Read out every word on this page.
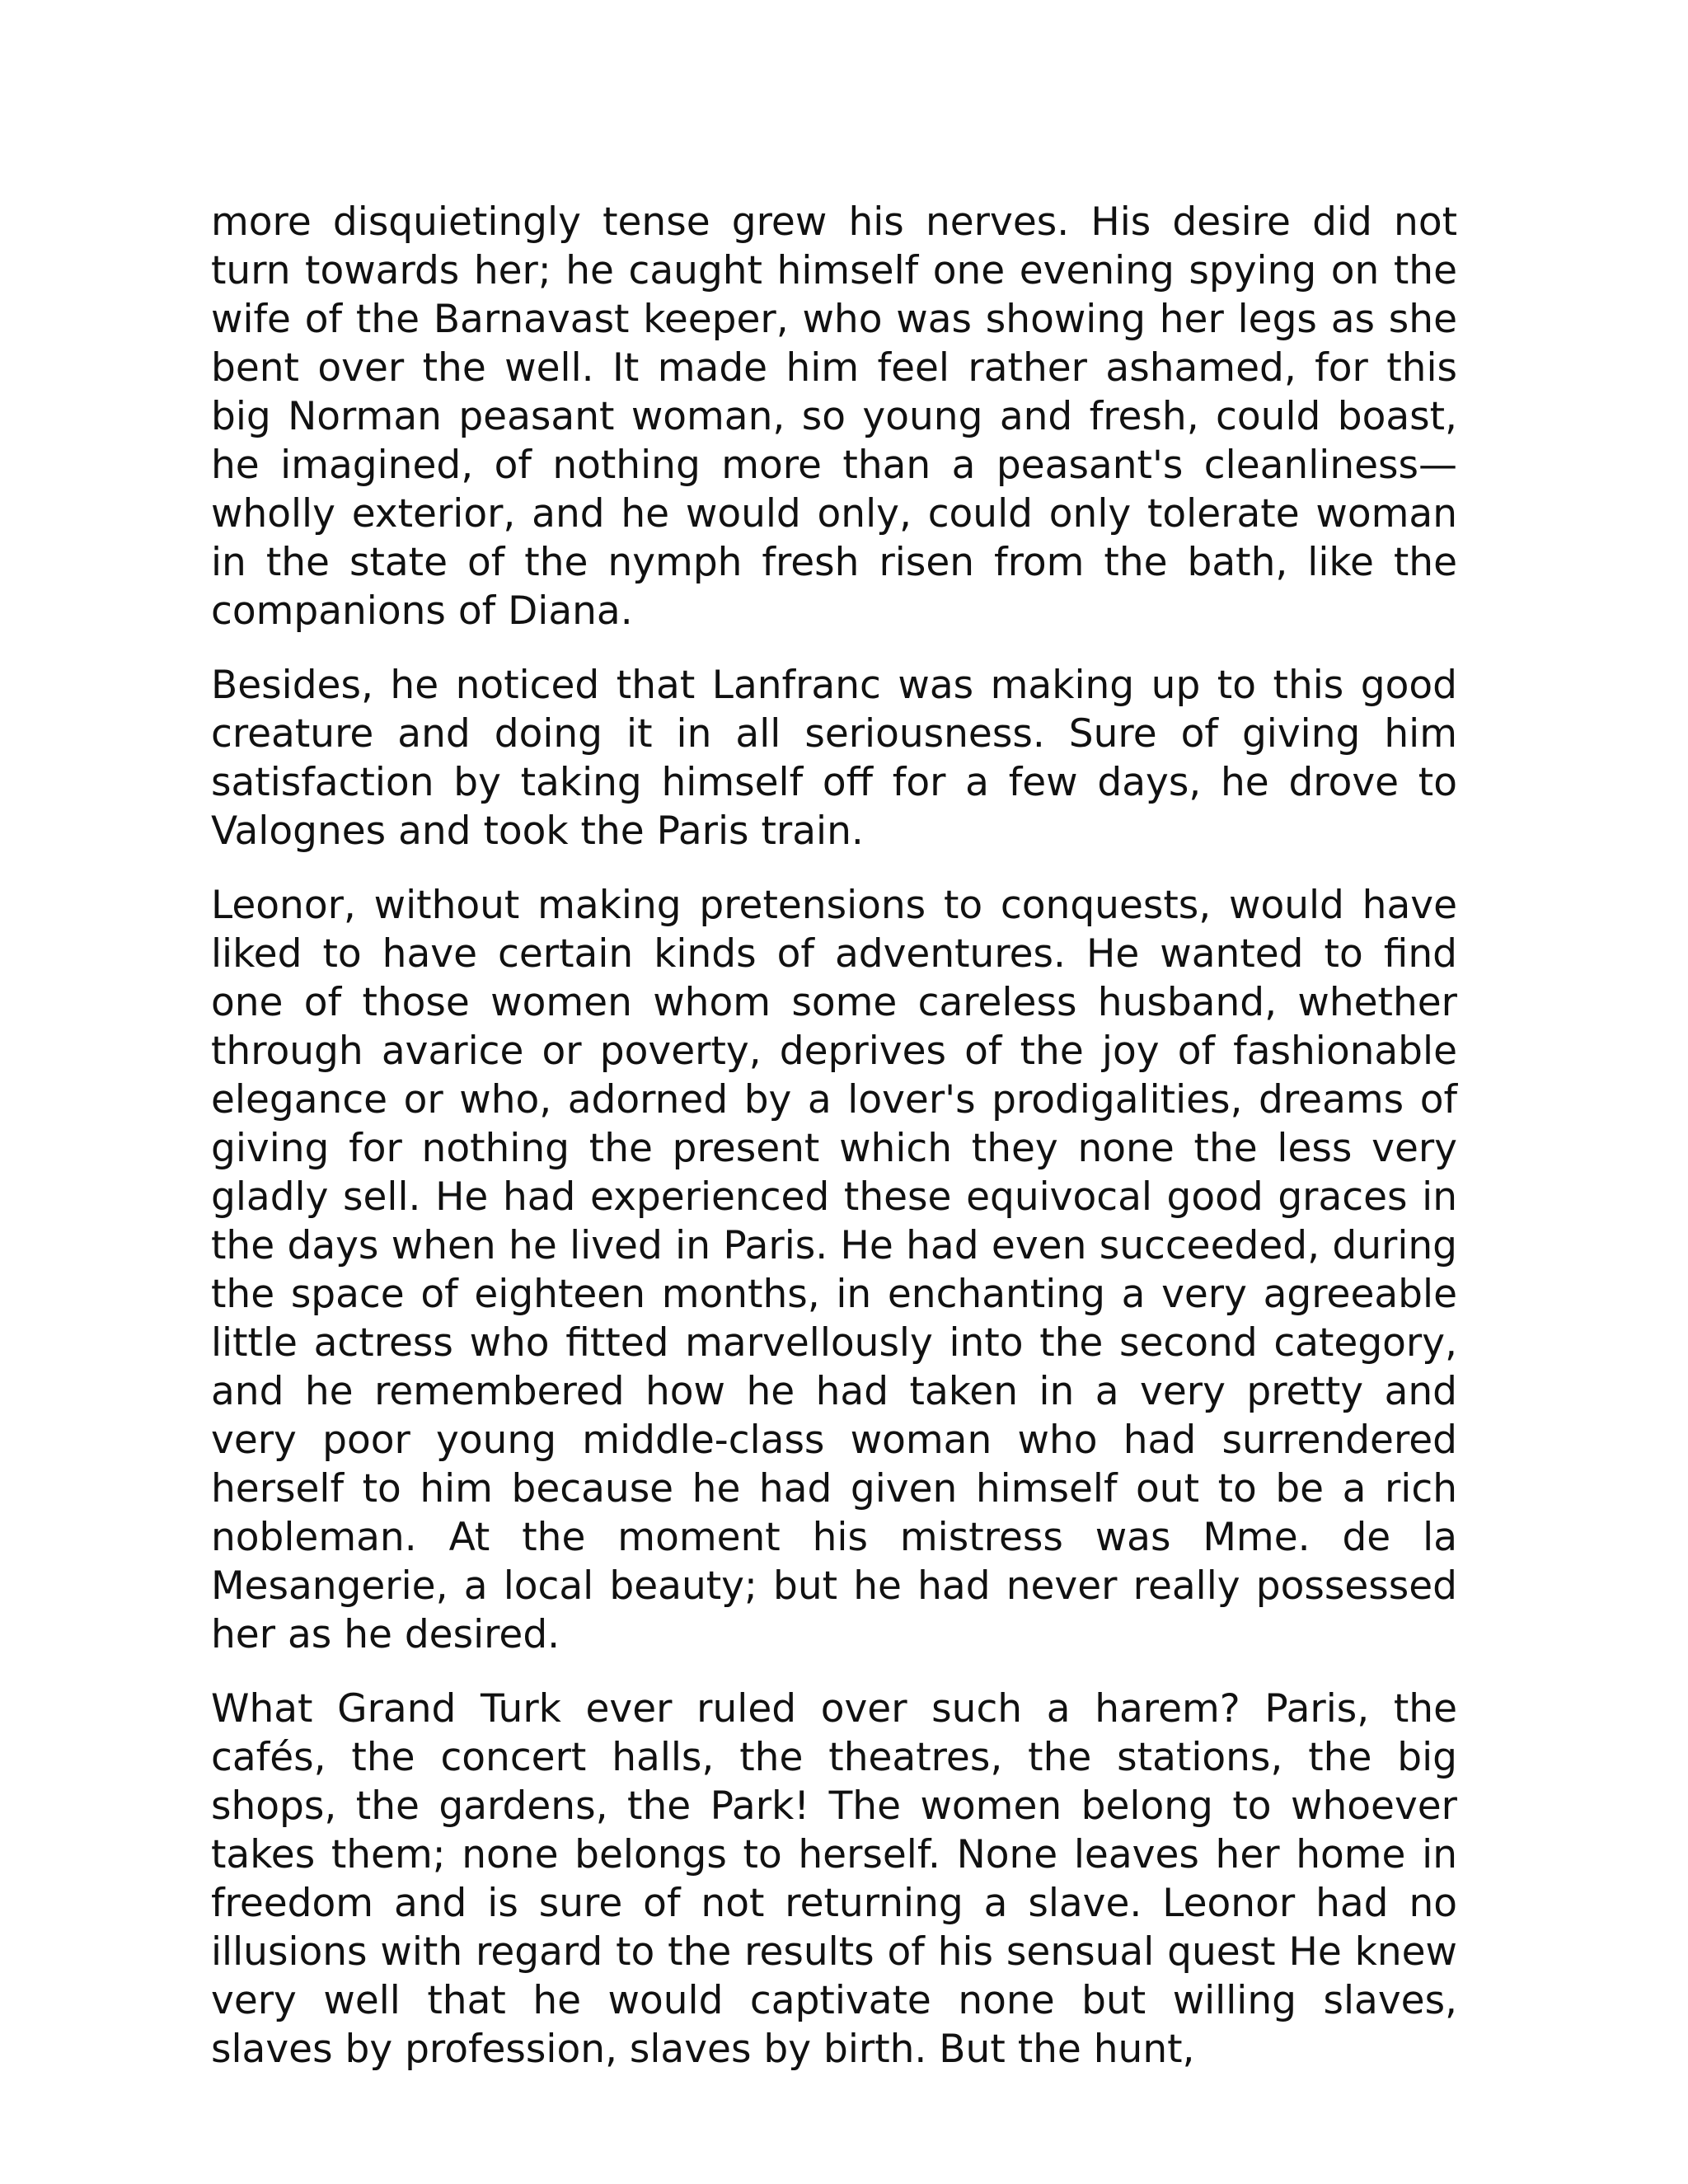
more disquietingly tense grew his nerves. His desire did not turn towards her; he caught himself one evening spying on the wife of the Barnavast keeper, who was showing her legs as she bent over the well. It made him feel rather ashamed, for this big Norman peasant woman, so young and fresh, could boast, he imagined, of nothing more than a peasant's cleanliness—wholly exterior, and he would only, could only tolerate woman in the state of the nymph fresh risen from the bath, like the companions of Diana.

Besides, he noticed that Lanfranc was making up to this good creature and doing it in all seriousness. Sure of giving him satisfaction by taking himself off for a few days, he drove to Valognes and took the Paris train.

Leonor, without making pretensions to conquests, would have liked to have certain kinds of adventures. He wanted to find one of those women whom some careless husband, whether through avarice or poverty, deprives of the joy of fashionable elegance or who, adorned by a lover's prodigalities, dreams of giving for nothing the present which they none the less very gladly sell. He had experienced these equivocal good graces in the days when he lived in Paris. He had even succeeded, during the space of eighteen months, in enchanting a very agreeable little actress who fitted marvellously into the second category, and he remembered how he had taken in a very pretty and very poor young middle-class woman who had surrendered herself to him because he had given himself out to be a rich nobleman. At the moment his mistress was Mme. de la Mesangerie, a local beauty; but he had never really possessed her as he desired.

What Grand Turk ever ruled over such a harem? Paris, the cafés, the concert halls, the theatres, the stations, the big shops, the gardens, the Park! The women belong to whoever takes them; none belongs to herself. None leaves her home in freedom and is sure of not returning a slave. Leonor had no illusions with regard to the results of his sensual quest He knew very well that he would captivate none but willing slaves, slaves by profession, slaves by birth. But the hunt,
